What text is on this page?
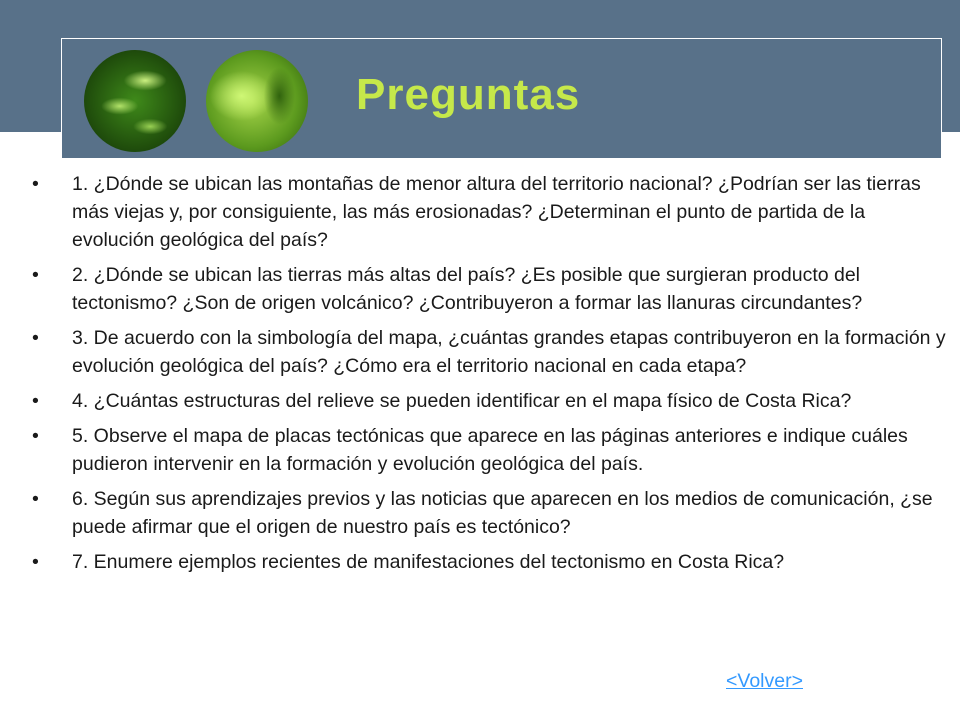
Preguntas
• 1. ¿Dónde se ubican las montañas de menor altura del territorio nacional? ¿Podrían ser las tierras más viejas y, por consiguiente, las más erosionadas? ¿Determinan el punto de partida de la evolución geológica del país?
• 2. ¿Dónde se ubican las tierras más altas del país? ¿Es posible que surgieran producto del tectonismo? ¿Son de origen volcánico? ¿Contribuyeron a formar las llanuras circundantes?
• 3. De acuerdo con la simbología del mapa, ¿cuántas grandes etapas contribuyeron en la formación y evolución geológica del país? ¿Cómo era el territorio nacional en cada etapa?
• 4. ¿Cuántas estructuras del relieve se pueden identificar en el mapa físico de Costa Rica?
• 5. Observe el mapa de placas tectónicas que aparece en las páginas anteriores e indique cuáles pudieron intervenir en la formación y evolución geológica del país.
• 6. Según sus aprendizajes previos y las noticias que aparecen en los medios de comunicación, ¿se puede afirmar que el origen de nuestro país es tectónico?
• 7. Enumere ejemplos recientes de manifestaciones del tectonismo en Costa Rica?
<Volver>
